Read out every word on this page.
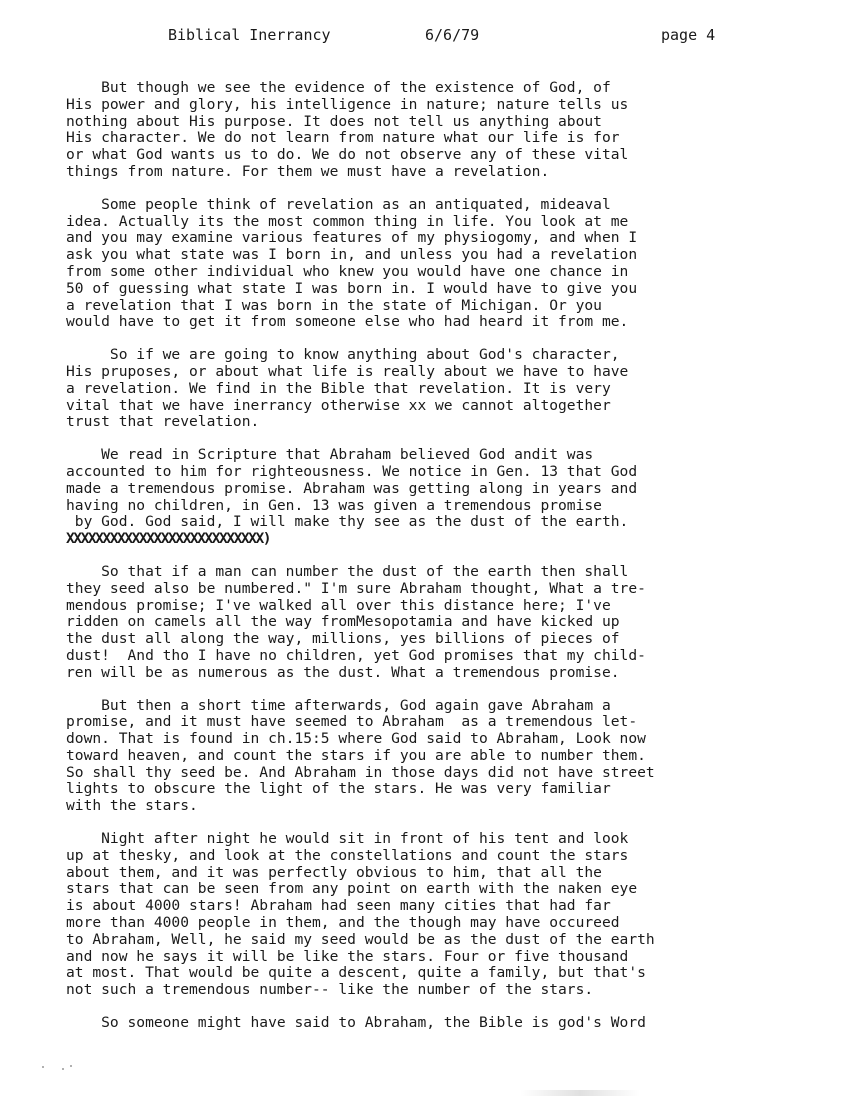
Biblical Inerrancy	6/6/79	page 4
But though we see the evidence of the existence of God, of
His power and glory, his intelligence in nature; nature tells us
nothing about His purpose. It does not tell us anything about
His character. We do not learn from nature what our life is for
or what God wants us to do. We do not observe any of these vital
things from nature. For them we must have a revelation.
Some people think of revelation as an antiquated, mideaval
idea. Actually its the most common thing in life. You look at me
and you may examine various features of my physiogomy, and when I
ask you what state was I born in, and unless you had a revelation
from some other individual who knew you would have one chance in
50 of guessing what state I was born in. I would have to give you
a revelation that I was born in the state of Michigan. Or you
would have to get it from someone else who had heard it from me.
So if we are going to know anything about God's character,
His pruposes, or about what life is really about we have to have
a revelation. We find in the Bible that revelation. It is very
vital that we have inerrancy otherwise xx we cannot altogether
trust that revelation.
We read in Scripture that Abraham believed God andit was
accounted to him for righteousness. We notice in Gen. 13 that God
made a tremendous promise. Abraham was getting along in years and
having no children, in Gen. 13 was given a tremendous promise
by God. God said, I will make thy see as the dust of the earth.
XXXXXXXXXXXXXXXXXXXXXXXXXXX)
So that if a man can number the dust of the earth then shall
they seed also be numbered." I'm sure Abraham thought, What a tre-
mendous promise; I've walked all over this distance here; I've
ridden on camels all the way fromMesopotamia and have kicked up
the dust all along the way, millions, yes billions of pieces of
dust!  And tho I have no children, yet God promises that my child-
ren will be as numerous as the dust. What a tremendous promise.
But then a short time afterwards, God again gave Abraham a
promise, and it must have seemed to Abraham  as a tremendous let-
down. That is found in ch.15:5 where God said to Abraham, Look now
toward heaven, and count the stars if you are able to number them.
So shall thy seed be. And Abraham in those days did not have street
lights to obscure the light of the stars. He was very familiar
with the stars.
Night after night he would sit in front of his tent and look
up at thesky, and look at the constellations and count the stars
about them, and it was perfectly obvious to him, that all the
stars that can be seen from any point on earth with the naken eye
is about 4000 stars! Abraham had seen many cities that had far
more than 4000 people in them, and the though may have occureed
to Abraham, Well, he said my seed would be as the dust of the earth
and now he says it will be like the stars. Four or five thousand
at most. That would be quite a descent, quite a family, but that's
not such a tremendous number-- like the number of the stars.
So someone might have said to Abraham, the Bible is god's Word
